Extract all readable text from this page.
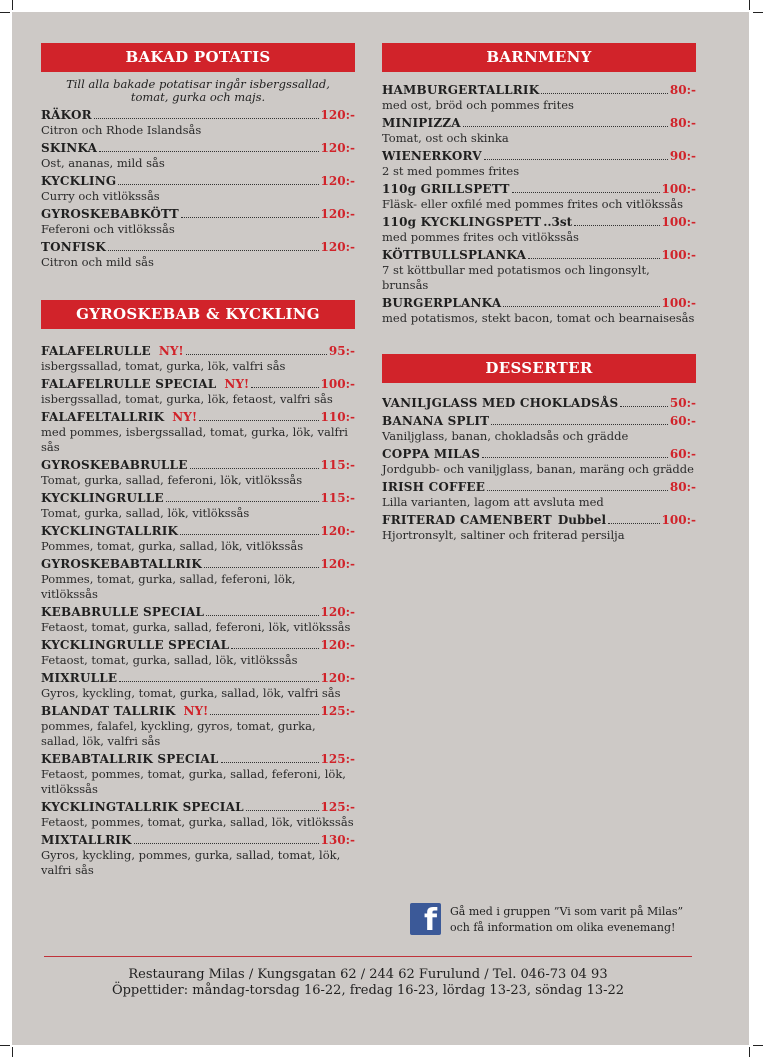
BAKAD POTATIS
Till alla bakade potatisar ingår isbergssallad, tomat, gurka och majs.
RÄKOR	120:-
Citron och Rhode Islandsås
SKINKA	120:-
Ost, ananas, mild sås
KYCKLING	120:-
Curry och vitlökssås
GYROSKEBABKÖTT	120:-
Feferoni och vitlökssås
TONFISK	120:-
Citron och mild sås
GYROSKEBAB & KYCKLING
FALAFELRULLE NY!	95:-
isbergssallad, tomat, gurka, lök, valfri sås
FALAFELRULLE SPECIAL NY!	100:-
isbergssallad, tomat, gurka, lök, fetaost, valfri sås
FALAFELTALLRIK NY!	110:-
med pommes, isbergssallad, tomat, gurka, lök, valfri sås
GYROSKEBABRULLE	115:-
Tomat, gurka, sallad, feferoni, lök, vitlökssås
KYCKLINGRULLE	115:-
Tomat, gurka, sallad, lök, vitlökssås
KYCKLINGTALLRIK	120:-
Pommes, tomat, gurka, sallad, lök, vitlökssås
GYROSKEBABTALLRIK	120:-
Pommes, tomat, gurka, sallad, feferoni, lök, vitlökssås
KEBABRULLE SPECIAL	120:-
Fetaost, tomat, gurka, sallad, feferoni, lök, vitlökssås
KYCKLINGRULLE SPECIAL	120:-
Fetaost, tomat, gurka, sallad, lök, vitlökssås
MIXRULLE	120:-
Gyros, kyckling, tomat, gurka, sallad, lök, valfri sås
BLANDAT TALLRIK NY!	125:-
pommes, falafel, kyckling, gyros, tomat, gurka, sallad, lök, valfri sås
KEBABTALLRIK SPECIAL	125:-
Fetaost, pommes, tomat, gurka, sallad, feferoni, lök, vitlökssås
KYCKLINGTALLRIK SPECIAL	125:-
Fetaost, pommes, tomat, gurka, sallad, lök, vitlökssås
MIXTALLRIK	130:-
Gyros, kyckling, pommes, gurka, sallad, tomat, lök, valfri sås
BARNMENY
HAMBURGERTALLRIK	80:-
med ost, bröd och pommes frites
MINIPIZZA	80:-
Tomat, ost och skinka
WIENERKORV	90:-
2 st med pommes frites
110g GRILLSPETT	100:-
Fläsk- eller oxfilé med pommes frites och vitlökssås
110g KYCKLINGSPETT ..3st	100:-
med pommes frites och vitlökssås
KÖTTBULLSPLANKA	100:-
7 st köttbullar med potatismos och lingonsylt, brunsås
BURGERPLANKA	100:-
med potatismos, stekt bacon, tomat och bearnaisesås
DESSERTER
VANILJGLASS MED CHOKLADSÅS	50:-
BANANA SPLIT	60:-
Vaniljglass, banan, chokladsås och grädde
COPPA MILAS	60:-
Jordgubb- och vaniljglass, banan, maräng och grädde
IRISH COFFEE	80:-
Lilla varianten, lagom att avsluta med
FRITERAD CAMENBERT Dubbel	100:-
Hjortronsylt, saltiner och friterad persilja
f	Gå med i gruppen ”Vi som varit på Milas”
och få information om olika evenemang!
Restaurang Milas / Kungsgatan 62 / 244 62 Furulund / Tel. 046-73 04 93
Öppettider: måndag-torsdag 16-22, fredag 16-23, lördag 13-23, söndag 13-22
